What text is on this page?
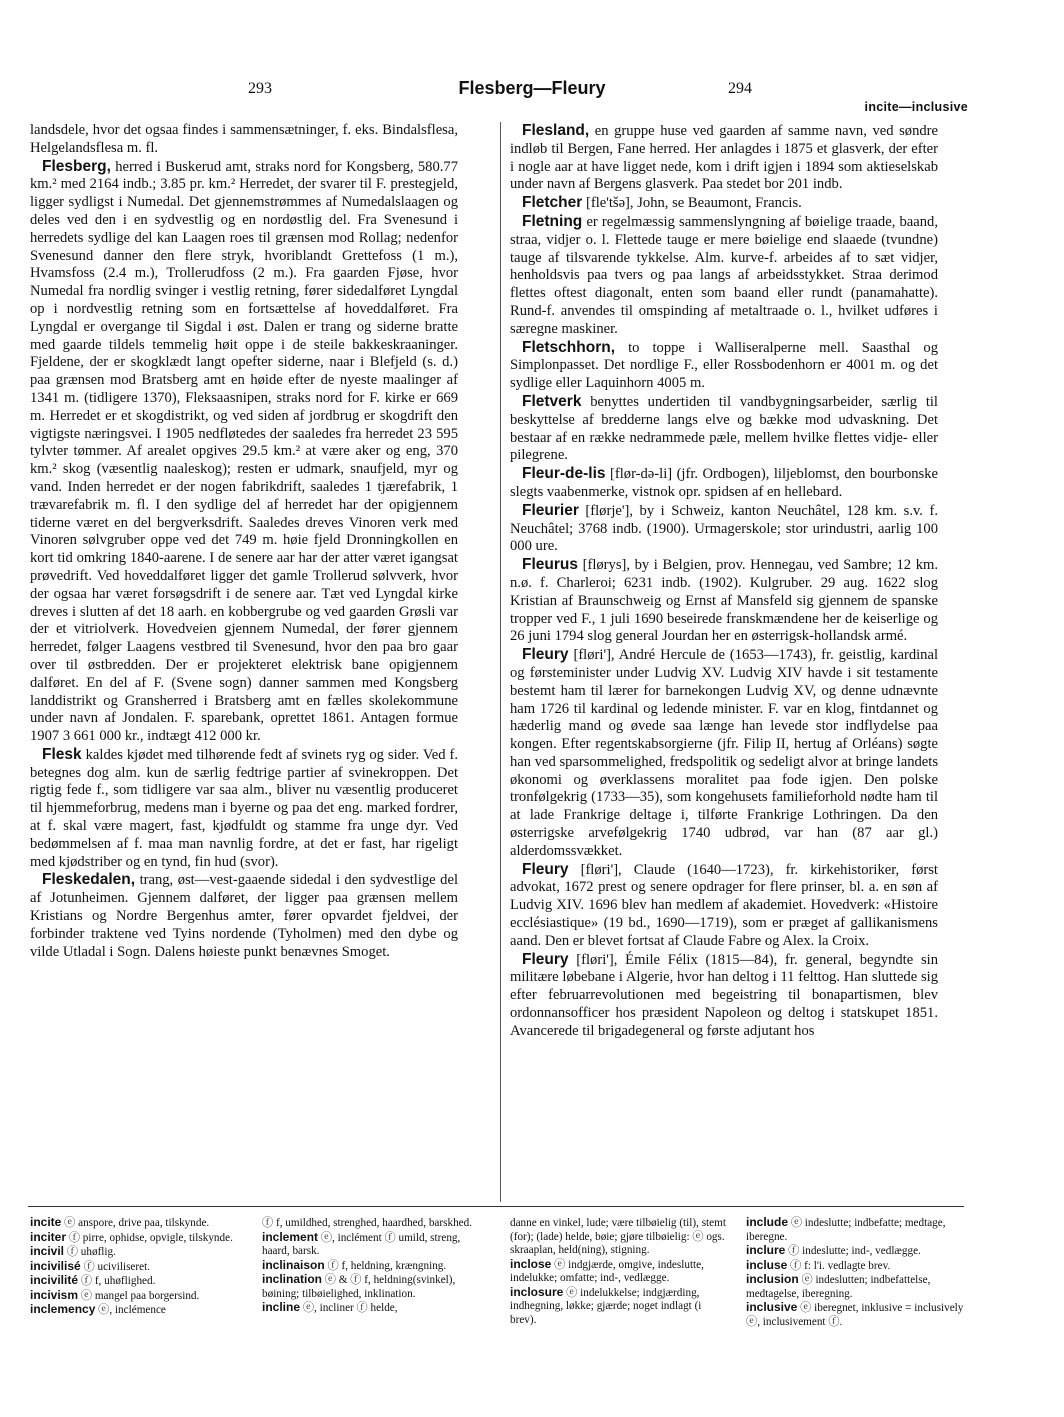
293	Flesberg—Fleury	294
incite—inclusive

landsdele, hvor det ogsaa findes i sammensætninger, f. eks. Bindalsflesa, Helgelandsflesa m. fl.

Flesberg, herred i Buskerud amt, straks nord for Kongsberg, 580.77 km.² med 2164 indb.; 3.85 pr. km.² Herredet, der svarer til F. prestegjeld, ligger sydligst i Numedal. Det gjennemstrømmes af Numedalslaagen og deles ved den i en sydvestlig og en nordøstlig del. Fra Svenesund i herredets sydlige del kan Laagen roes til grænsen mod Rollag; nedenfor Svenesund danner den flere stryk, hvoriblandt Grettefoss (1 m.), Hvamsfoss (2.4 m.), Trollerudfoss (2 m.). Fra gaarden Fjøse, hvor Numedal fra nordlig svinger i vestlig retning, fører sidedalføret Lyngdal op i nordvestlig retning som en fortsættelse af hoveddalføret. Fra Lyngdal er overgange til Sigdal i øst. Dalen er trang og siderne bratte med gaarde tildels temmelig høit oppe i de steile bakkeskraaninger. Fjeldene, der er skogklædt langt opefter siderne, naar i Blefjeld (s. d.) paa grænsen mod Bratsberg amt en høide efter de nyeste maalinger af 1341 m. (tidligere 1370), Fleksaasnipen, straks nord for F. kirke er 669 m. Herredet er et skogdistrikt, og ved siden af jordbrug er skogdrift den vigtigste næringsvei. I 1905 nedfløtedes der saaledes fra herredet 23 595 tylvter tømmer. Af arealet opgives 29.5 km.² at være aker og eng, 370 km.² skog (væsentlig naaleskog); resten er udmark, snaufjeld, myr og vand. Inden herredet er der nogen fabrikdrift, saaledes 1 tjærefabrik, 1 trævarefabrik m. fl. I den sydlige del af herredet har der opigjennem tiderne været en del bergverksdrift. Saaledes dreves Vinoren verk med Vinoren sølvgruber oppe ved det 749 m. høie fjeld Dronningkollen en kort tid omkring 1840-aarene. I de senere aar har der atter været igangsat prøvedrift. Ved hoveddalføret ligger det gamle Trollerud sølvverk, hvor der ogsaa har været forsøgsdrift i de senere aar. Tæt ved Lyngdal kirke dreves i slutten af det 18 aarh. en kobbergrube og ved gaarden Grøsli var der et vitriolverk. Hovedveien gjennem Numedal, der fører gjennem herredet, følger Laagens vestbred til Svenesund, hvor den paa bro gaar over til østbredden. Der er projekteret elektrisk bane opigjennem dalføret. En del af F. (Svene sogn) danner sammen med Kongsberg landdistrikt og Gransherred i Bratsberg amt en fælles skolekommune under navn af Jondalen. F. sparebank, oprettet 1861. Antagen formue 1907 3 661 000 kr., indtægt 412 000 kr.

Flesk kaldes kjødet med tilhørende fedt af svinets ryg og sider. Ved f. betegnes dog alm. kun de særlig fedtrige partier af svinekroppen. Det rigtig fede f., som tidligere var saa alm., bliver nu væsentlig produceret til hjemmeforbrug, medens man i byerne og paa det eng. marked fordrer, at f. skal være magert, fast, kjødfuldt og stamme fra unge dyr. Ved bedømmelsen af f. maa man navnlig fordre, at det er fast, har rigeligt med kjødstriber og en tynd, fin hud (svor).

Fleskedalen, trang, øst—vest-gaaende sidedal i den sydvestlige del af Jotunheimen. Gjennem dalføret, der ligger paa grænsen mellem Kristians og Nordre Bergenhus amter, fører opvardet fjeldvei, der forbinder traktene ved Tyins nordende (Tyholmen) med den dybe og vilde Utladal i Sogn. Dalens høieste punkt benævnes Smoget.

Flesland, en gruppe huse ved gaarden af samme navn, ved søndre indløb til Bergen, Fane herred. Her anlagdes i 1875 et glasverk, der efter i nogle aar at have ligget nede, kom i drift igjen i 1894 som aktieselskab under navn af Bergens glasverk. Paa stedet bor 201 indb.

Fletcher [fle'tšə], John, se Beaumont, Francis.

Fletning er regelmæssig sammenslyngning af bøielige traade, baand, straa, vidjer o. l. Flettede tauge er mere bøielige end slaaede (tvundne) tauge af tilsvarende tykkelse. Alm. kurve-f. arbeides af to sæt vidjer, henholdsvis paa tvers og paa langs af arbeidsstykket. Straa derimod flettes oftest diagonalt, enten som baand eller rundt (panamahatte). Rund-f. anvendes til omspinding af metaltraade o. l., hvilket udføres i særegne maskiner.

Fletschhorn, to toppe i Walliseralperne mell. Saasthal og Simplonpasset. Det nordlige F., eller Rossbodenhorn er 4001 m. og det sydlige eller Laquinhorn 4005 m.

Fletverk benyttes undertiden til vandbygningsarbeider, særlig til beskyttelse af bredderne langs elve og bække mod udvaskning. Det bestaar af en række nedrammede pæle, mellem hvilke flettes vidje- eller pilegrene.

Fleur-de-lis [flør-də-li] (jfr. Ordbogen), liljeblomst, den bourbonske slegts vaabenmerke, vistnok opr. spidsen af en hellebard.

Fleurier [flørje'], by i Schweiz, kanton Neuchâtel, 128 km. s.v. f. Neuchâtel; 3768 indb. (1900). Urmagerskole; stor urindustri, aarlig 100 000 ure.

Fleurus [flørys], by i Belgien, prov. Hennegau, ved Sambre; 12 km. n.ø. f. Charleroi; 6231 indb. (1902). Kulgruber. 29 aug. 1622 slog Kristian af Braunschweig og Ernst af Mansfeld sig gjennem de spanske tropper ved F., 1 juli 1690 beseirede franskmændene her de keiserlige og 26 juni 1794 slog general Jourdan her en østerrigsk-hollandsk armé.

Fleury [fløri'], André Hercule de (1653—1743), fr. geistlig, kardinal og førsteminister under Ludvig XV. Ludvig XIV havde i sit testamente bestemt ham til lærer for barnekongen Ludvig XV, og denne udnævnte ham 1726 til kardinal og ledende minister. F. var en klog, fintdannet og hæderlig mand og øvede saa længe han levede stor indflydelse paa kongen. Efter regentskabsorgierne (jfr. Filip II, hertug af Orléans) søgte han ved sparsommelighed, fredspolitik og sedeligt alvor at bringe landets økonomi og øverklassens moralitet paa fode igjen. Den polske tronfølgekrig (1733—35), som kongehusets familieforhold nødte ham til at lade Frankrige deltage i, tilførte Frankrige Lothringen. Da den østerrigske arvefølgekrig 1740 udbrød, var han (87 aar gl.) alderdomssvækket.

Fleury [fløri'], Claude (1640—1723), fr. kirkehistoriker, først advokat, 1672 prest og senere opdrager for flere prinser, bl. a. en søn af Ludvig XIV. 1696 blev han medlem af akademiet. Hovedverk: «Histoire ecclésiastique» (19 bd., 1690—1719), som er præget af gallikanismens aand. Den er blevet fortsat af Claude Fabre og Alex. la Croix.

Fleury [fløri'], Émile Félix (1815—84), fr. general, begyndte sin militære løbebane i Algerie, hvor han deltog i 11 felttog. Han sluttede sig efter februarrevolutionen med begeistring til bonapartismen, blev ordonnansofficer hos præsident Napoleon og deltog i statskupet 1851. Avancerede til brigadegeneral og første adjutant hos

incite ⓔ anspore, drive paa, tilskynde.

inciter ⓕ pirre, ophidse, opvigle, tilskynde.

incivil ⓕ uhøflig.

incivilisé ⓕ uciviliseret.

incivilité ⓕ f, uhøflighed.

incivism ⓔ mangel paa borgersind.

inclemency ⓔ, inclémence

ⓕ f, umildhed, strenghed, haardhed, barskhed.

inclement ⓔ, inclément ⓕ umild, streng, haard, barsk.

inclinaison ⓕ f, heldning, krængning.

inclination ⓔ & ⓕ f, heldning(svinkel), bøining; tilbøielighed, inklination.

incline ⓔ, incliner ⓕ helde,

danne en vinkel, lude; være tilbøielig (til), stemt (for); (lade) helde, bøie; gjøre tilbøielig: ⓔ ogs. skraaplan, held(ning), stigning.

inclose ⓔ indgjærde, omgive, indeslutte, indelukke; omfatte; ind-, vedlægge.

inclosure ⓔ indelukkelse; indgjærding, indhegning, løkke; gjærde; noget indlagt (i brev).

include ⓔ indeslutte; indbefatte; medtage, iberegne.

inclure ⓕ indeslutte; ind-, vedlægge.

incluse ⓕ f: l'i. vedlagte brev.

inclusion ⓔ indeslutten; indbefattelse, medtagelse, iberegning.

inclusive ⓔ iberegnet, inklusive = inclusively ⓔ, inclusivement ⓕ.
